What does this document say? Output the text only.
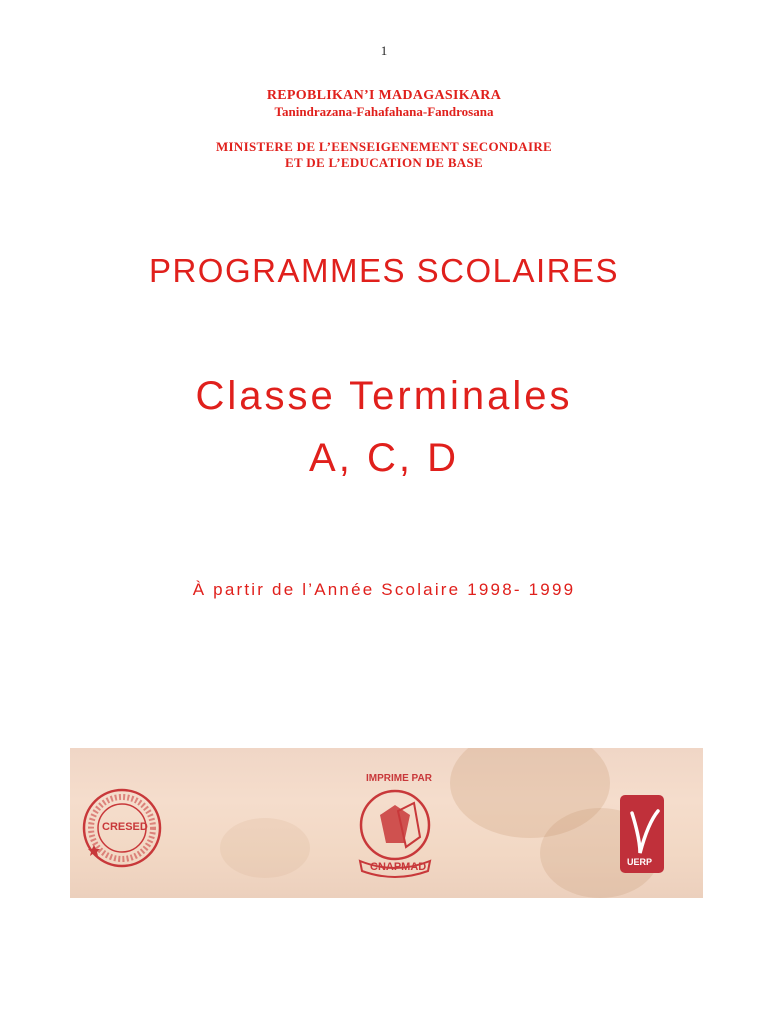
1
REPOBLIKAN’I MADAGASIKARA
Tanindrazana-Fahafahana-Fandrosana
MINISTERE DE L’EENSEIGENEMENT SECONDAIRE
ET DE L’EDUCATION DE BASE
PROGRAMMES SCOLAIRES
Classe Terminales
A, C, D
À partir de l’Année Scolaire 1998- 1999
CRESED
IMPRIME PAR
CNAPMAD	UERP
